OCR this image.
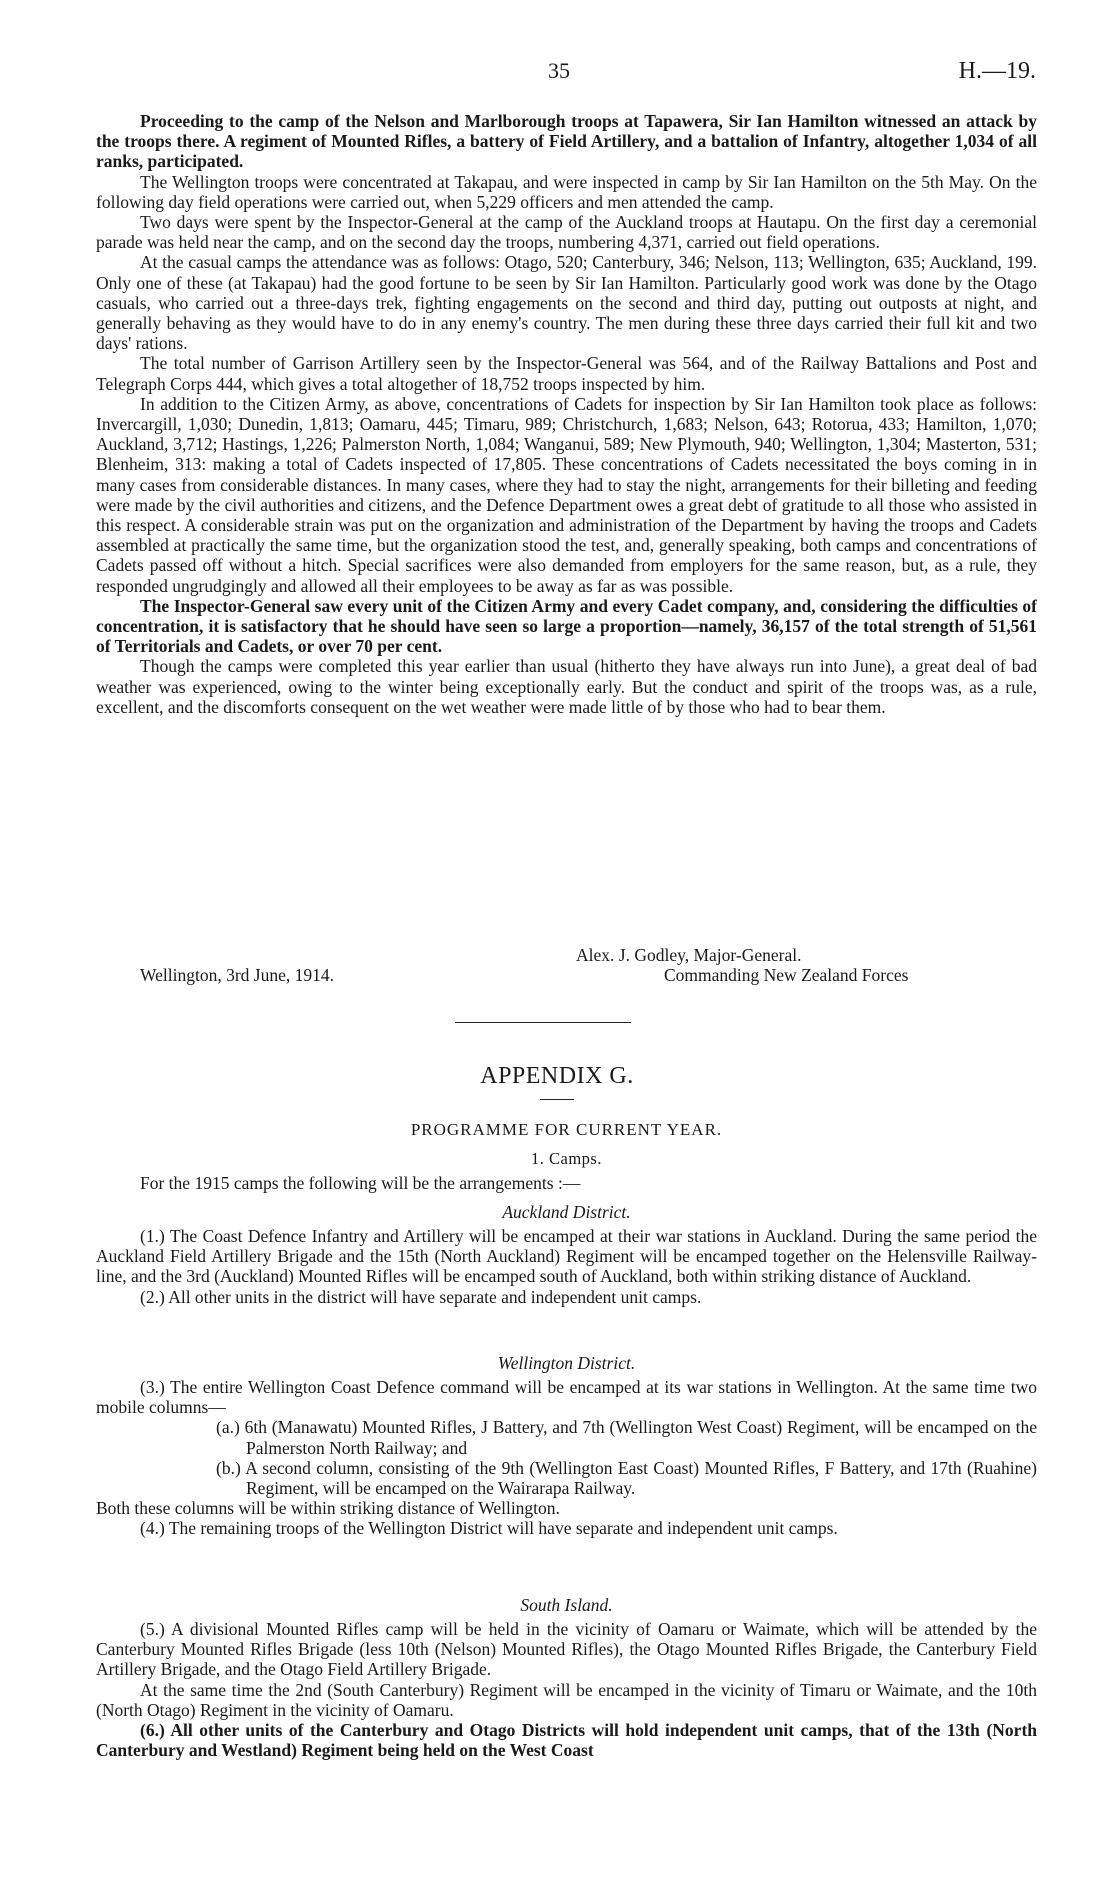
35	H.—19.

Proceeding to the camp of the Nelson and Marlborough troops at Tapawera, Sir Ian Hamilton witnessed an attack by the troops there. A regiment of Mounted Rifles, a battery of Field Artillery, and a battalion of Infantry, altogether 1,034 of all ranks, participated.

The Wellington troops were concentrated at Takapau, and were inspected in camp by Sir Ian Hamilton on the 5th May. On the following day field operations were carried out, when 5,229 officers and men attended the camp.

Two days were spent by the Inspector-General at the camp of the Auckland troops at Hautapu. On the first day a ceremonial parade was held near the camp, and on the second day the troops, numbering 4,371, carried out field operations.

At the casual camps the attendance was as follows: Otago, 520; Canterbury, 346; Nelson, 113; Wellington, 635; Auckland, 199. Only one of these (at Takapau) had the good fortune to be seen by Sir Ian Hamilton. Particularly good work was done by the Otago casuals, who carried out a three-days trek, fighting engagements on the second and third day, putting out outposts at night, and generally behaving as they would have to do in any enemy's country. The men during these three days carried their full kit and two days' rations.

The total number of Garrison Artillery seen by the Inspector-General was 564, and of the Railway Battalions and Post and Telegraph Corps 444, which gives a total altogether of 18,752 troops inspected by him.

In addition to the Citizen Army, as above, concentrations of Cadets for inspection by Sir Ian Hamilton took place as follows: Invercargill, 1,030; Dunedin, 1,813; Oamaru, 445; Timaru, 989; Christchurch, 1,683; Nelson, 643; Rotorua, 433; Hamilton, 1,070; Auckland, 3,712; Hastings, 1,226; Palmerston North, 1,084; Wanganui, 589; New Plymouth, 940; Wellington, 1,304; Masterton, 531; Blenheim, 313: making a total of Cadets inspected of 17,805. These concentrations of Cadets necessitated the boys coming in in many cases from considerable distances. In many cases, where they had to stay the night, arrangements for their billeting and feeding were made by the civil authorities and citizens, and the Defence Department owes a great debt of gratitude to all those who assisted in this respect. A considerable strain was put on the organization and administration of the Department by having the troops and Cadets assembled at practically the same time, but the organization stood the test, and, generally speaking, both camps and concentrations of Cadets passed off without a hitch. Special sacrifices were also demanded from employers for the same reason, but, as a rule, they responded ungrudgingly and allowed all their employees to be away as far as was possible.

The Inspector-General saw every unit of the Citizen Army and every Cadet company, and, considering the difficulties of concentration, it is satisfactory that he should have seen so large a proportion—namely, 36,157 of the total strength of 51,561 of Territorials and Cadets, or over 70 per cent.

Though the camps were completed this year earlier than usual (hitherto they have always run into June), a great deal of bad weather was experienced, owing to the winter being exceptionally early. But the conduct and spirit of the troops was, as a rule, excellent, and the discomforts consequent on the wet weather were made little of by those who had to bear them.

Alex. J. Godley, Major-General.
Wellington, 3rd June, 1914.	Commanding New Zealand Forces
APPENDIX G.
PROGRAMME FOR CURRENT YEAR.
1. Camps.
For the 1915 camps the following will be the arrangements :—
Auckland District.

(1.) The Coast Defence Infantry and Artillery will be encamped at their war stations in Auckland. During the same period the Auckland Field Artillery Brigade and the 15th (North Auckland) Regiment will be encamped together on the Helensville Railway-line, and the 3rd (Auckland) Mounted Rifles will be encamped south of Auckland, both within striking distance of Auckland.

(2.) All other units in the district will have separate and independent unit camps.

Wellington District.

(3.) The entire Wellington Coast Defence command will be encamped at its war stations in Wellington. At the same time two mobile columns—

(a.) 6th (Manawatu) Mounted Rifles, J Battery, and 7th (Wellington West Coast) Regiment, will be encamped on the Palmerston North Railway; and

(b.) A second column, consisting of the 9th (Wellington East Coast) Mounted Rifles, F Battery, and 17th (Ruahine) Regiment, will be encamped on the Wairarapa Railway.

Both these columns will be within striking distance of Wellington.

(4.) The remaining troops of the Wellington District will have separate and independent unit camps.

South Island.

(5.) A divisional Mounted Rifles camp will be held in the vicinity of Oamaru or Waimate, which will be attended by the Canterbury Mounted Rifles Brigade (less 10th (Nelson) Mounted Rifles), the Otago Mounted Rifles Brigade, the Canterbury Field Artillery Brigade, and the Otago Field Artillery Brigade.

At the same time the 2nd (South Canterbury) Regiment will be encamped in the vicinity of Timaru or Waimate, and the 10th (North Otago) Regiment in the vicinity of Oamaru.

(6.) All other units of the Canterbury and Otago Districts will hold independent unit camps, that of the 13th (North Canterbury and Westland) Regiment being held on the West Coast
